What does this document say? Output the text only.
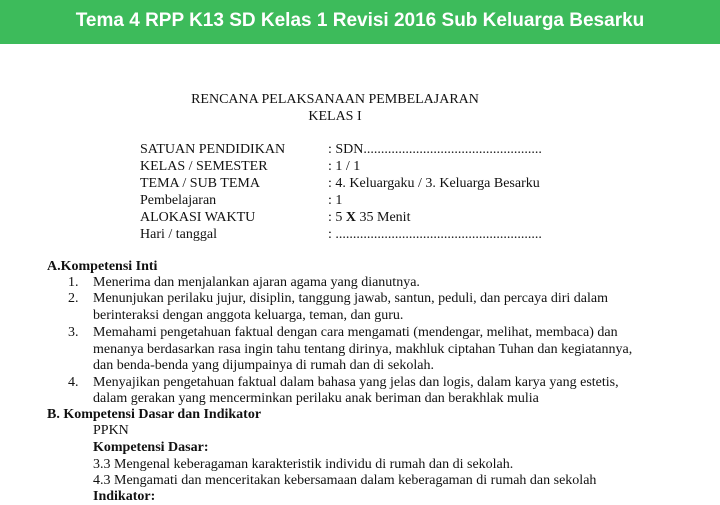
Tema 4 RPP K13 SD Kelas 1 Revisi 2016 Sub Keluarga Besarku
RENCANA PELAKSANAAN PEMBELAJARAN
KELAS I
SATUAN PENDIDIKAN	: SDN...................................................
KELAS / SEMESTER	: 1 / 1
TEMA / SUB TEMA	: 4. Keluargaku / 3. Keluarga Besarku
Pembelajaran	: 1
ALOKASI WAKTU	: 5 X 35 Menit
Hari / tanggal	: ...........................................................
A.Kompetensi Inti
1. Menerima dan menjalankan ajaran agama yang dianutnya.
2. Menunjukan perilaku jujur, disiplin, tanggung jawab, santun, peduli, dan percaya diri dalam
berinteraksi dengan anggota keluarga, teman, dan guru.
3. Memahami pengetahuan faktual dengan cara mengamati (mendengar, melihat, membaca) dan
menanya berdasarkan rasa ingin tahu tentang dirinya, makhluk ciptahan Tuhan dan kegiatannya,
dan benda-benda yang dijumpainya di rumah dan di sekolah.
4. Menyajikan pengetahuan faktual dalam bahasa yang jelas dan logis, dalam karya yang estetis,
dalam gerakan yang mencerminkan perilaku anak beriman dan berakhlak mulia
B. Kompetensi Dasar dan Indikator
PPKN
Kompetensi Dasar:
3.3 Mengenal keberagaman karakteristik individu di rumah dan di sekolah.
4.3 Mengamati dan menceritakan kebersamaan dalam keberagaman di rumah dan sekolah
Indikator:
